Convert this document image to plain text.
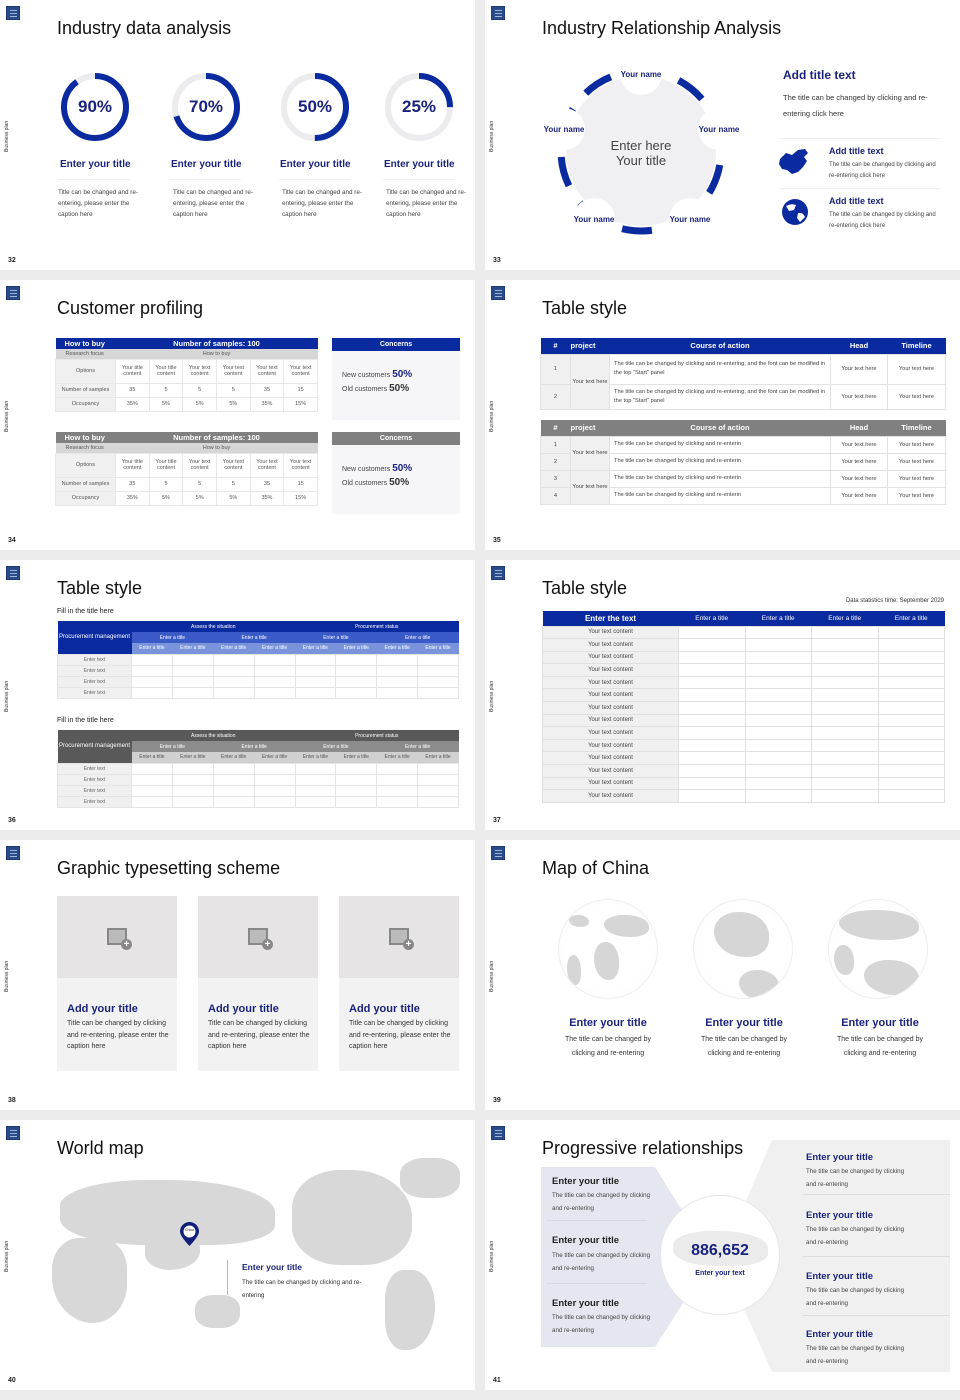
Business plan
Industry data analysis
32
90%	70%	50%	25%
Enter your title	Enter your title	Enter your title	Enter your title
Title can be changed and re-entering, please enter the caption here
Title can be changed and re-entering, please enter the caption here
Title can be changed and re-entering, please enter the caption here
Title can be changed and re-entering, please enter the caption here
Business plan
Industry Relationship Analysis
33
Enter here
Your title
Your name
Your name
Your name
Your name
Your name
Add title text
The title can be changed by clicking and re-entering click here
Add title text
The title can be changed by clicking and re-entering click here
Add title text
The title can be changed by clicking and re-entering click here
Business plan
Customer profiling
34
How to buy	Number of samples: 100					
Research focus	How to buy					
Options	Your title content	Your title content	Your text content	Your text content	Your text content	Your text content
Number of samples	35	5	5	5	35	15
Occupancy	35%	5%	5%	5%	35%	15%
Concerns
New customers 50%
Old customers 50%
How to buy	Number of samples: 100					
Research focus	How to buy					
Options	Your title content	Your title content	Your text content	Your text content	Your text content	Your text content
Number of samples	35	5	5	5	35	15
Occupancy	35%	5%	5%	5%	35%	15%
Concerns
New customers 50%
Old customers 50%
Business plan
Table style
35
#	project	Course of action	Head	Timeline
1	Your text here	The title can be changed by clicking and re-entering, and the font can be modified in the top "Start" panel	Your text here	Your text here
2		The title can be changed by clicking and re-entering, and the font can be modified in the top "Start" panel	Your text here	Your text here
#	project	Course of action	Head	Timeline
1	Your text here	The title can be changed by clicking and re-enterin	Your text here	Your text here
2		The title can be changed by clicking and re-enterin	Your text here	Your text here
3	Your text here	The title can be changed by clicking and re-enterin	Your text here	Your text here
4		The title can be changed by clicking and re-enterin	Your text here	Your text here
Business plan
Table style
36
Fill in the title here
Procurement management	Assess the situation				Procurement status			
	Enter a title		Enter a title		Enter a title		Enter a title	
	Enter a title	Enter a title	Enter a title	Enter a title	Enter a title	Enter a title	Enter a title	Enter a title
Enter text								
Enter text								
Enter text								
Enter text								
Fill in the title here
Procurement management	Assess the situation				Procurement status			
	Enter a title		Enter a title		Enter a title		Enter a title	
	Enter a title	Enter a title	Enter a title	Enter a title	Enter a title	Enter a title	Enter a title	Enter a title
Enter text								
Enter text								
Enter text								
Enter text								
Business plan
Table style
37
Data statistics time: September 2029
Enter the text	Enter a title	Enter a title	Enter a title	Enter a title
Your text content				
Your text content				
Your text content				
Your text content				
Your text content				
Your text content				
Your text content				
Your text content				
Your text content				
Your text content				
Your text content				
Your text content				
Your text content				
Your text content				
Business plan
Graphic typesetting scheme
38
+
Add your title

Title can be changed by clicking and re-entering, please enter the caption here

+
Add your title

Title can be changed by clicking and re-entering, please enter the caption here

+
Add your title

Title can be changed by clicking and re-entering, please enter the caption here

Business plan
Map of China
39
Enter your title
The title can be changed by clicking and re-entering
Enter your title
The title can be changed by clicking and re-entering
Enter your title
The title can be changed by clicking and re-entering
Business plan
World map
40
China
Enter your title
The title can be changed by clicking and re-entering
Business plan
Progressive relationships
41
886,652
Enter your text
Enter your title
The title can be changed by clicking and re-entering
Enter your title
The title can be changed by clicking and re-entering
Enter your title
The title can be changed by clicking and re-entering
Enter your title
The title can be changed by clicking and re-entering
Enter your title
The title can be changed by clicking and re-entering
Enter your title
The title can be changed by clicking and re-entering
Enter your title
The title can be changed by clicking and re-entering
